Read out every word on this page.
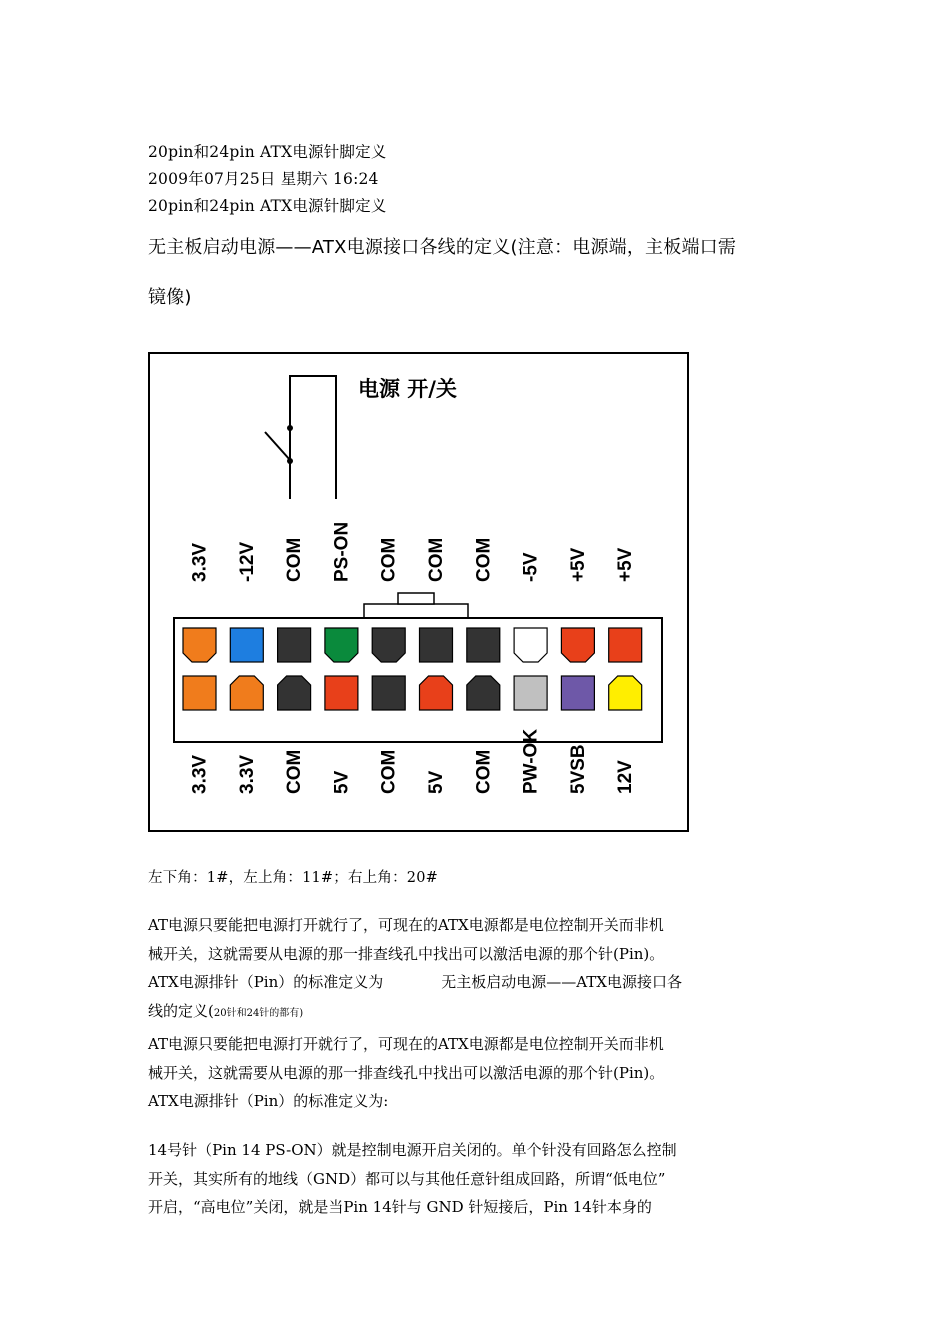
20pin和24pin ATX电源针脚定义
2009年07月25日 星期六 16:24
20pin和24pin ATX电源针脚定义
无主板启动电源——ATX电源接口各线的定义(注意：电源端，主板端口需
镜像)
电源 开/关
3.3V -12V COM PS-ON COM COM COM -5V +5V +5V
3.3V 3.3V COM 5V COM 5V COM PW-OK 5VSB 12V
左下角：1#，左上角：11#；右上角：20#

AT电源只要能把电源打开就行了，可现在的ATX电源都是电位控制开关而非机

械开关，这就需要从电源的那一排查线孔中找出可以激活电源的那个针(Pin)。

ATX电源排针（Pin）的标准定义为	无主板启动电源——ATX电源接口各

线的定义(20针和24针的都有)

AT电源只要能把电源打开就行了，可现在的ATX电源都是电位控制开关而非机

械开关，这就需要从电源的那一排查线孔中找出可以激活电源的那个针(Pin)。

ATX电源排针（Pin）的标准定义为:

14号针（Pin 14 PS-ON）就是控制电源开启关闭的。单个针没有回路怎么控制

开关，其实所有的地线（GND）都可以与其他任意针组成回路，所谓“低电位”

开启，“高电位”关闭，就是当Pin 14针与 GND 针短接后，Pin 14针本身的
